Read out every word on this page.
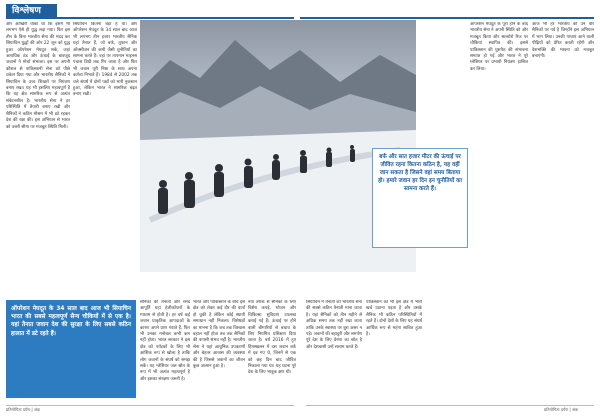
विश्लेषण
और आखिरी चौका था कि इसमें भी लगभग ऐसे ही युद्ध लड़ा गया। फिर इस तीन के बिना भारतीय सेना की मदद कर सियाचिन युद्धों की ओर 22 जून को युद्ध हुआ ऑपरेशन मेघदूत सकें, जहां अत्यधिक ठंड और ऊंचाई के बावजूद जवानों ने मोर्चा संभाला। इस पर अपनी कौशल से पाकिस्तानी सेना को पीछे धकेल दिया गया और भारतीय सैनिकों ने सियाचिन के उच्च शिखरों पर नियंत्रण बनाए रखा। यह भी इसलिए महत्वपूर्ण है कि यह क्षेत्र सामरिक रूप से अत्यंत संवेदनशील है। भारतीय सेना ने हर परिस्थिति में तैयारी बनाए रखी और सैनिकों ने कठिन मौसम में भी डटे रहकर देश की रक्षा की। इस अभियान से भारत को उत्तरी सीमा पर मजबूत स्थिति मिली।
सियाचिन कितना बड़ा है वो। और ऑपरेशन मेघदूत के 34 साल बाद आज भी लगभग तीन हजार भारतीय सैनिक यहां तैनात हैं, जो बर्फ, तूफान और ऑक्सीजन की कमी जैसी चुनौतियों का सामना करते हैं। वहां पर तापमान माइनस पचास डिग्री तक गिर जाता है और फिर भी जवान पूरी निष्ठा के साथ अपना कर्तव्य निभाते हैं। 1984 से 2002 तक चले संघर्ष में दोनों पक्षों को भारी नुकसान हुआ, लेकिन भारत ने सामरिक बढ़त बनाए रखी।
सैनिकों की तैनाती और रसद आपूर्ति यहां हेलीकॉप्टरों के माध्यम से होती है। हर वर्ष कई जवान प्राकृतिक आपदाओं के कारण अपने प्राण गंवाते हैं, फिर भी उनका मनोबल कभी कम नहीं होता। भारत सरकार ने इस क्षेत्र को पर्यटकों के लिए भी आंशिक रूप से खोला है ताकि लोग जवानों के संघर्ष को समझ सकें। यह ग्लेशियर जल स्रोत के रूप में भी अत्यंत महत्वपूर्ण है और इसका संरक्षण जरूरी है।
भारत और पाकिस्तान के बीच इस क्षेत्र को लेकर कई दौर की वार्ता हो चुकी है लेकिन कोई स्थायी समाधान नहीं निकला। विशेषज्ञों का मानना है कि जब तक विश्वास बहाल नहीं होता तब तक सैनिकों की वापसी संभव नहीं है। भारतीय सेना ने यहां आधुनिक उपकरणों और बेहतर आवास की व्यवस्था की है जिससे जवानों का जीवन कुछ आसान हुआ है।
नया तरीके से सैनिकों के लिए विशेष कपड़े, भोजन और चिकित्सा सुविधाएं उपलब्ध कराई गई हैं। ऊंचाई पर होने वाली बीमारियों से बचाव के लिए नियमित प्रशिक्षण दिया जाता है। वर्ष 2016 में हुए हिमस्खलन में दस जवान बर्फ में दब गए थे, जिनमें से एक को छह दिन बाद जीवित निकाला गया था। यह घटना पूरे देश के लिए भावुक क्षण थी।
सियाचिन में तैनाती को भारतीय सेना की सबसे कठिन तैनाती माना जाता है। यहां सैनिकों को तीन महीने से अधिक समय तक नहीं रखा जाता ताकि उनके स्वास्थ्य पर बुरा असर न पड़े। जवानों की बहादुरी और समर्पण पूरे देश के लिए प्रेरणा का स्रोत है और देशवासी उन्हें सलाम करते हैं।
पाकिस्तान को भी इस क्षेत्र में भारी खर्च उठाना पड़ता है और उसके सैनिक भी कठिन परिस्थितियों में रहते हैं। दोनों देशों के लिए यह संघर्ष आर्थिक रूप से महंगा साबित हुआ है।
ऑपरेशन मेघदूत के पूरा होने के बाद भारतीय सेना ने अपनी स्थिति को और मजबूत किया और साल्टोरो रिज पर चौकियां स्थापित कीं। इससे पाकिस्तान की घुसपैठ की संभावना समाप्त हो गई और भारत ने पूरे ग्लेशियर पर प्रभावी नियंत्रण हासिल कर लिया।
आज भी हर भारतीय को उन वीर सैनिकों पर गर्व है जिन्होंने इस अभियान में भाग लिया। उनकी गाथाएं आने वाली पीढ़ियों को प्रेरित करती रहेंगी और देशभक्ति की भावना को मजबूत बनाएंगी।
बर्फ और सात हजार मीटर की ऊंचाई पर जीवित रहना कितना कठिन है, यह वहीं जान सकता है जिसने वहां समय बिताया हो। हमारे जवान हर दिन इन चुनौतियों का सामना करते हैं।
ऑपरेशन मेघदूत के 34 साल बाद आज भी सियाचिन भारत की सबसे महत्वपूर्ण सैन्य चौकियों में से एक है। यहां तैनात जवान देश की सुरक्षा के लिए सबसे कठिन हालात में डटे रहते हैं।
प्रतियोगिता दर्पण | अंक	प्रतियोगिता दर्पण | अंक
